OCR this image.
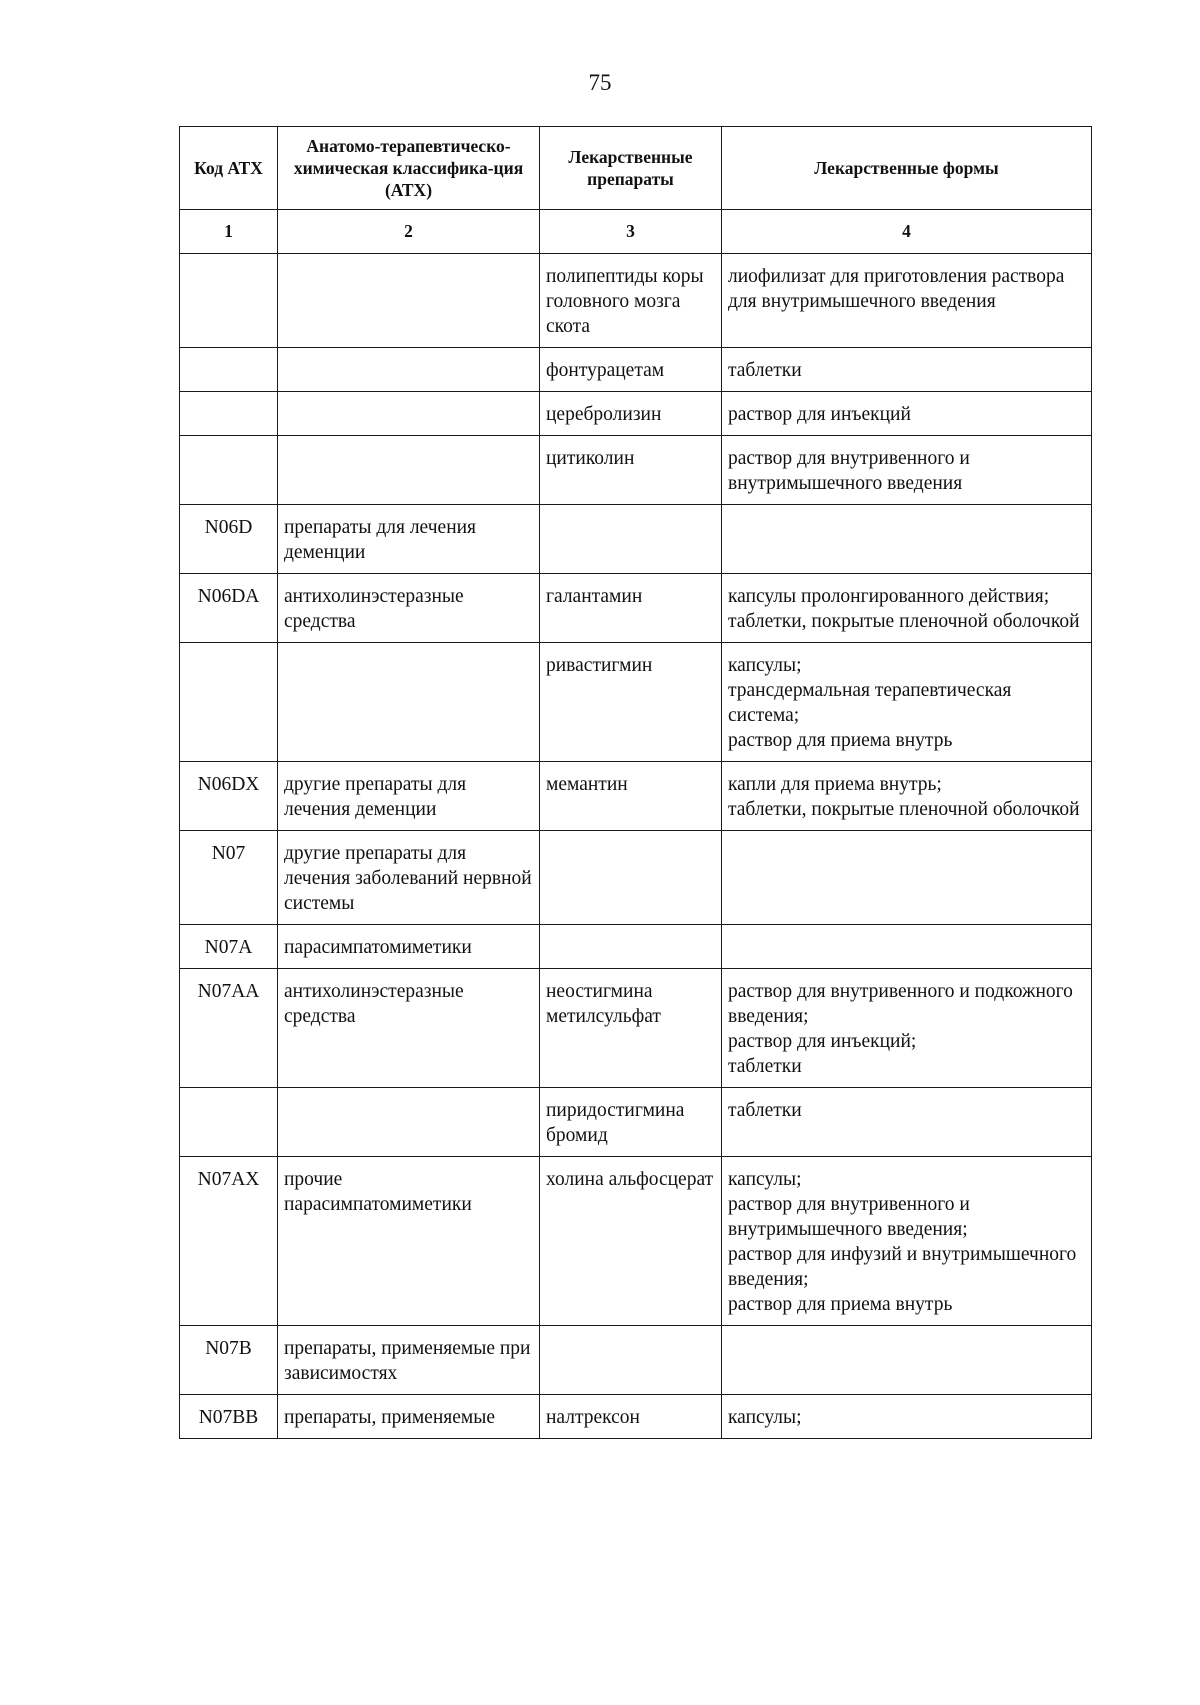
75
Код АТХ	Анатомо-терапевтическо-химическая классифика-ция (АТХ)	Лекарственные препараты	Лекарственные формы
1	2	3	4
		полипептиды коры головного мозга скота	лиофилизат для приготовления раствора для внутримышечного введения

		фонтурацетам	таблетки

		церебролизин	раствор для инъекций

		цитиколин	раствор для внутривенного и внутримышечного введения

N06D	препараты для лечения деменции		
N06DA	антихолинэстеразные средства	галантамин	капсулы пролонгированного действия;
таблетки, покрытые пленочной оболочкой

		ривастигмин	капсулы;
трансдермальная терапевтическая система;
раствор для приема внутрь

N06DX	другие препараты для лечения деменции	мемантин	капли для приема внутрь;
таблетки, покрытые пленочной оболочкой

N07	другие препараты для лечения заболеваний нервной системы		
N07A	парасимпатомиметики		
N07AA	антихолинэстеразные средства	неостигмина метилсульфат	раствор для внутривенного и подкожного введения;
раствор для инъекций;
таблетки

		пиридостигмина бромид	таблетки

N07AX	прочие парасимпатомиметики	холина альфосцерат	капсулы;
раствор для внутривенного и внутримышечного введения;
раствор для инфузий и внутримышечного введения;
раствор для приема внутрь

N07B	препараты, применяемые при зависимостях		
N07BB	препараты, применяемые	налтрексон	капсулы;
